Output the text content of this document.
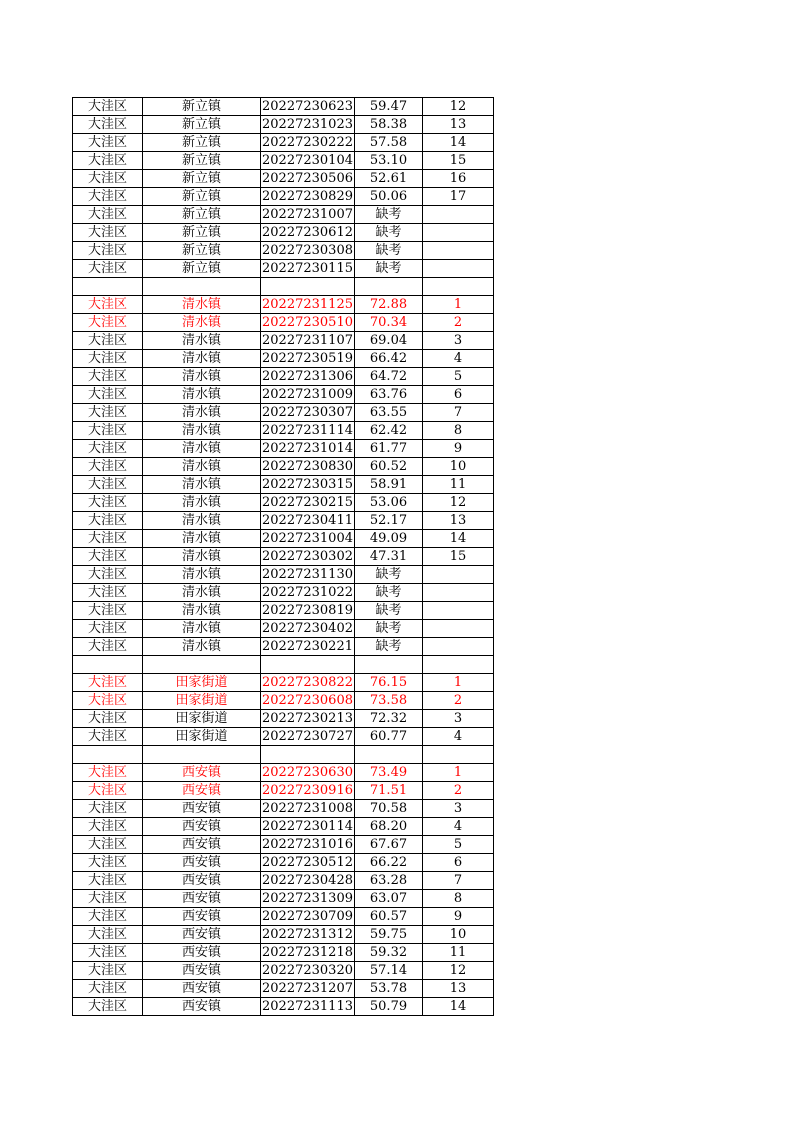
大洼区	新立镇	20227230623	59.47	12
大洼区	新立镇	20227231023	58.38	13
大洼区	新立镇	20227230222	57.58	14
大洼区	新立镇	20227230104	53.10	15
大洼区	新立镇	20227230506	52.61	16
大洼区	新立镇	20227230829	50.06	17
大洼区	新立镇	20227231007	缺考	
大洼区	新立镇	20227230612	缺考	
大洼区	新立镇	20227230308	缺考	
大洼区	新立镇	20227230115	缺考	

大洼区	清水镇	20227231125	72.88	1
大洼区	清水镇	20227230510	70.34	2
大洼区	清水镇	20227231107	69.04	3
大洼区	清水镇	20227230519	66.42	4
大洼区	清水镇	20227231306	64.72	5
大洼区	清水镇	20227231009	63.76	6
大洼区	清水镇	20227230307	63.55	7
大洼区	清水镇	20227231114	62.42	8
大洼区	清水镇	20227231014	61.77	9
大洼区	清水镇	20227230830	60.52	10
大洼区	清水镇	20227230315	58.91	11
大洼区	清水镇	20227230215	53.06	12
大洼区	清水镇	20227230411	52.17	13
大洼区	清水镇	20227231004	49.09	14
大洼区	清水镇	20227230302	47.31	15
大洼区	清水镇	20227231130	缺考	
大洼区	清水镇	20227231022	缺考	
大洼区	清水镇	20227230819	缺考	
大洼区	清水镇	20227230402	缺考	
大洼区	清水镇	20227230221	缺考	

大洼区	田家街道	20227230822	76.15	1
大洼区	田家街道	20227230608	73.58	2
大洼区	田家街道	20227230213	72.32	3
大洼区	田家街道	20227230727	60.77	4

大洼区	西安镇	20227230630	73.49	1
大洼区	西安镇	20227230916	71.51	2
大洼区	西安镇	20227231008	70.58	3
大洼区	西安镇	20227230114	68.20	4
大洼区	西安镇	20227231016	67.67	5
大洼区	西安镇	20227230512	66.22	6
大洼区	西安镇	20227230428	63.28	7
大洼区	西安镇	20227231309	63.07	8
大洼区	西安镇	20227230709	60.57	9
大洼区	西安镇	20227231312	59.75	10
大洼区	西安镇	20227231218	59.32	11
大洼区	西安镇	20227230320	57.14	12
大洼区	西安镇	20227231207	53.78	13
大洼区	西安镇	20227231113	50.79	14
